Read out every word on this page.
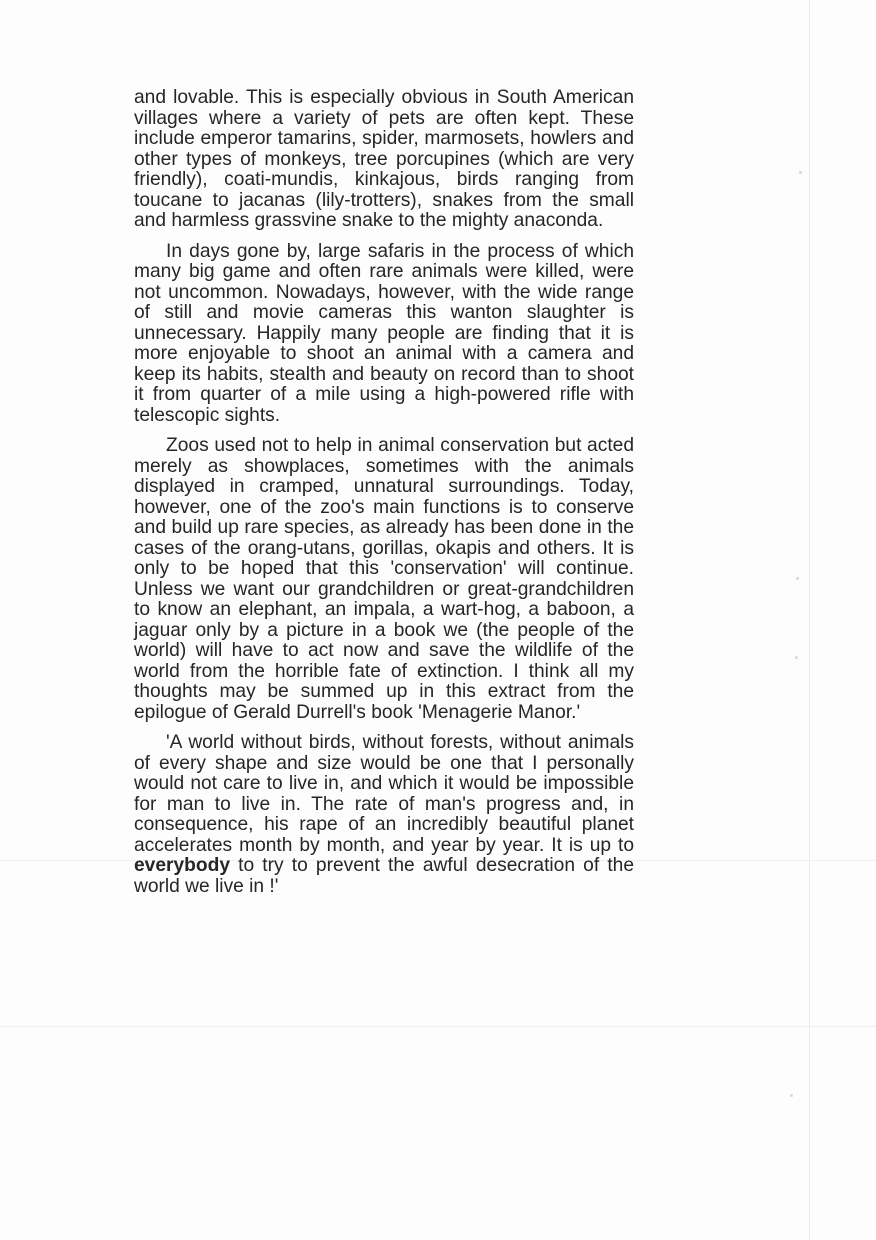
and lovable. This is especially obvious in South American villages where a variety of pets are often kept. These include emperor tamarins, spider, marmosets, howlers and other types of monkeys, tree porcupines (which are very friendly), coati-mundis, kinkajous, birds ranging from toucane to jacanas (lily-trotters), snakes from the small and harmless grassvine snake to the mighty anaconda.

In days gone by, large safaris in the process of which many big game and often rare animals were killed, were not uncommon. Nowadays, however, with the wide range of still and movie cameras this wanton slaughter is unnecessary. Happily many people are finding that it is more enjoyable to shoot an animal with a camera and keep its habits, stealth and beauty on record than to shoot it from quarter of a mile using a high-powered rifle with telescopic sights.

Zoos used not to help in animal conservation but acted merely as showplaces, sometimes with the animals displayed in cramped, unnatural surroundings. Today, however, one of the zoo's main functions is to conserve and build up rare species, as already has been done in the cases of the orang-utans, gorillas, okapis and others. It is only to be hoped that this 'conservation' will continue. Unless we want our grandchildren or great-grandchildren to know an elephant, an impala, a wart-hog, a baboon, a jaguar only by a picture in a book we (the people of the world) will have to act now and save the wildlife of the world from the horrible fate of extinction. I think all my thoughts may be summed up in this extract from the epilogue of Gerald Durrell's book 'Menagerie Manor.'

'A world without birds, without forests, without animals of every shape and size would be one that I personally would not care to live in, and which it would be impossible for man to live in. The rate of man's progress and, in consequence, his rape of an incredibly beautiful planet accelerates month by month, and year by year. It is up to everybody to try to prevent the awful desecration of the world we live in !'
